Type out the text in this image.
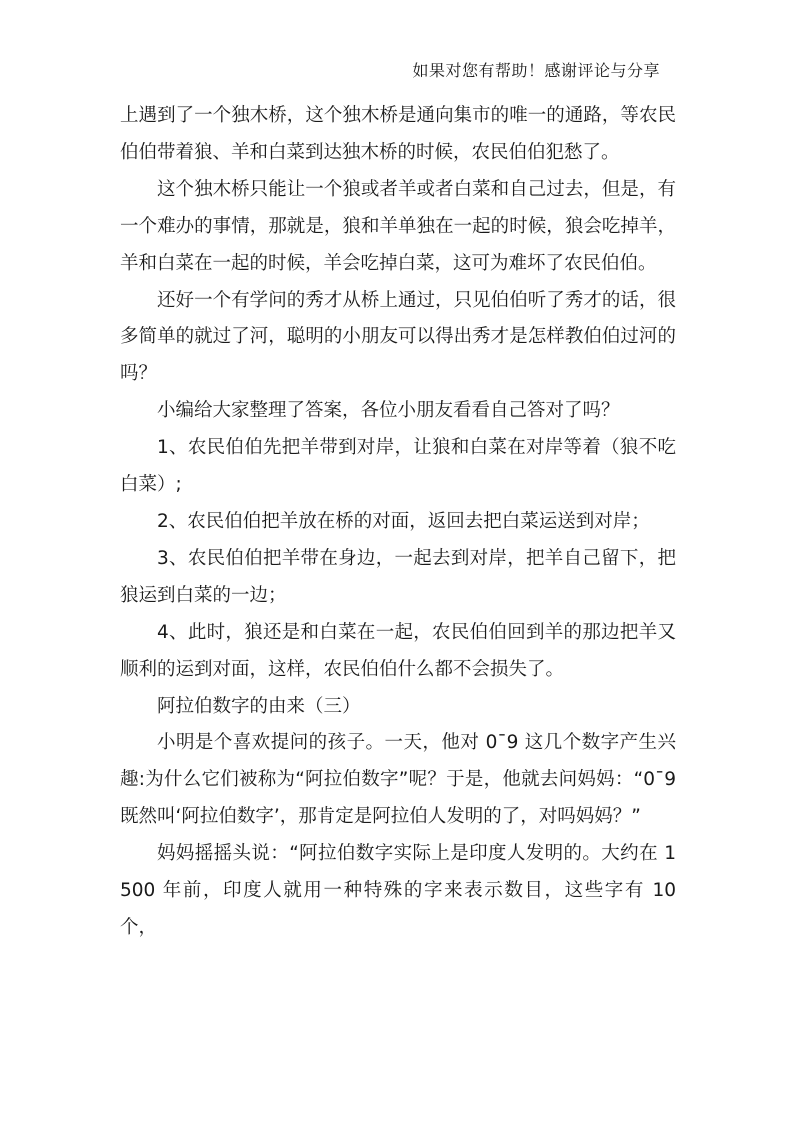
如果对您有帮助！感谢评论与分享

上遇到了一个独木桥，这个独木桥是通向集市的唯一的通路，等农民伯伯带着狼、羊和白菜到达独木桥的时候，农民伯伯犯愁了。

这个独木桥只能让一个狼或者羊或者白菜和自己过去，但是，有一个难办的事情，那就是，狼和羊单独在一起的时候，狼会吃掉羊，羊和白菜在一起的时候，羊会吃掉白菜，这可为难坏了农民伯伯。

还好一个有学问的秀才从桥上通过，只见伯伯听了秀才的话，很多简单的就过了河，聪明的小朋友可以得出秀才是怎样教伯伯过河的吗？

小编给大家整理了答案，各位小朋友看看自己答对了吗？

1、农民伯伯先把羊带到对岸，让狼和白菜在对岸等着（狼不吃白菜）;

2、农民伯伯把羊放在桥的对面，返回去把白菜运送到对岸；

3、农民伯伯把羊带在身边，一起去到对岸，把羊自己留下，把狼运到白菜的一边；

4、此时，狼还是和白菜在一起，农民伯伯回到羊的那边把羊又顺利的运到对面，这样，农民伯伯什么都不会损失了。

阿拉伯数字的由来（三）

小明是个喜欢提问的孩子。一天，他对 0¯9 这几个数字产生兴趣:为什么它们被称为“阿拉伯数字”呢？于是，他就去问妈妈：“0¯9 既然叫‘阿拉伯数字’，那肯定是阿拉伯人发明的了，对吗妈妈？”

妈妈摇摇头说：“阿拉伯数字实际上是印度人发明的。大约在 1500 年前，印度人就用一种特殊的字来表示数目，这些字有 10 个，
